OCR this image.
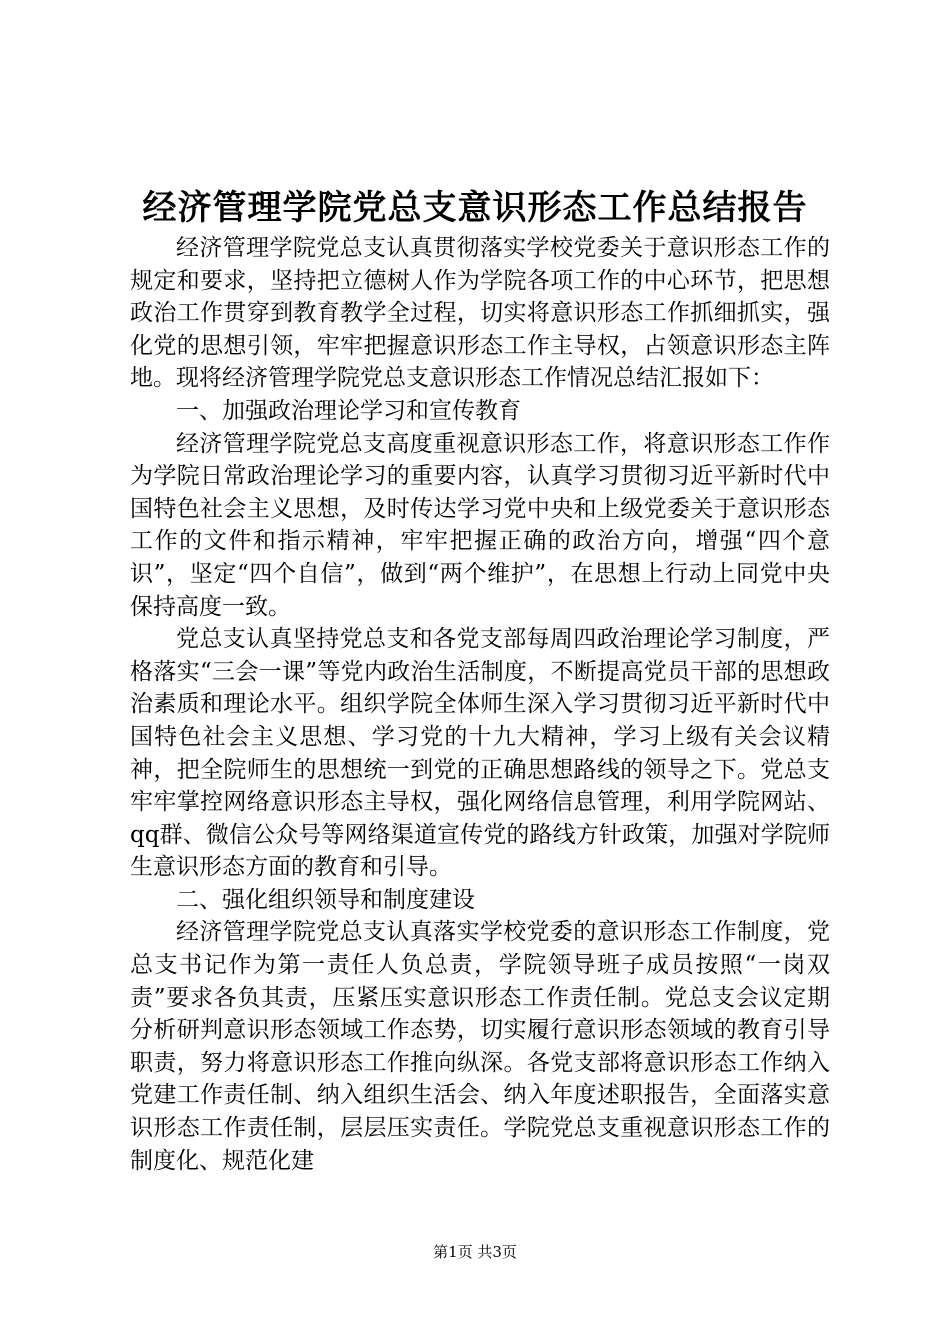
经济管理学院党总支意识形态工作总结报告

经济管理学院党总支认真贯彻落实学校党委关于意识形态工作的规定和要求，坚持把立德树人作为学院各项工作的中心环节，把思想政治工作贯穿到教育教学全过程，切实将意识形态工作抓细抓实，强化党的思想引领，牢牢把握意识形态工作主导权，占领意识形态主阵地。现将经济管理学院党总支意识形态工作情况总结汇报如下：

一、加强政治理论学习和宣传教育

经济管理学院党总支高度重视意识形态工作，将意识形态工作作为学院日常政治理论学习的重要内容，认真学习贯彻习近平新时代中国特色社会主义思想，及时传达学习党中央和上级党委关于意识形态工作的文件和指示精神，牢牢把握正确的政治方向，增强“四个意识”，坚定“四个自信”，做到“两个维护”，在思想上行动上同党中央保持高度一致。

党总支认真坚持党总支和各党支部每周四政治理论学习制度，严格落实“三会一课”等党内政治生活制度，不断提高党员干部的思想政治素质和理论水平。组织学院全体师生深入学习贯彻习近平新时代中国特色社会主义思想、学习党的十九大精神，学习上级有关会议精神，把全院师生的思想统一到党的正确思想路线的领导之下。党总支牢牢掌控网络意识形态主导权，强化网络信息管理，利用学院网站、qq群、微信公众号等网络渠道宣传党的路线方针政策，加强对学院师生意识形态方面的教育和引导。

二、强化组织领导和制度建设

经济管理学院党总支认真落实学校党委的意识形态工作制度，党总支书记作为第一责任人负总责，学院领导班子成员按照“一岗双责”要求各负其责，压紧压实意识形态工作责任制。党总支会议定期分析研判意识形态领域工作态势，切实履行意识形态领域的教育引导职责，努力将意识形态工作推向纵深。各党支部将意识形态工作纳入党建工作责任制、纳入组织生活会、纳入年度述职报告，全面落实意识形态工作责任制，层层压实责任。学院党总支重视意识形态工作的制度化、规范化建

第1页 共3页
